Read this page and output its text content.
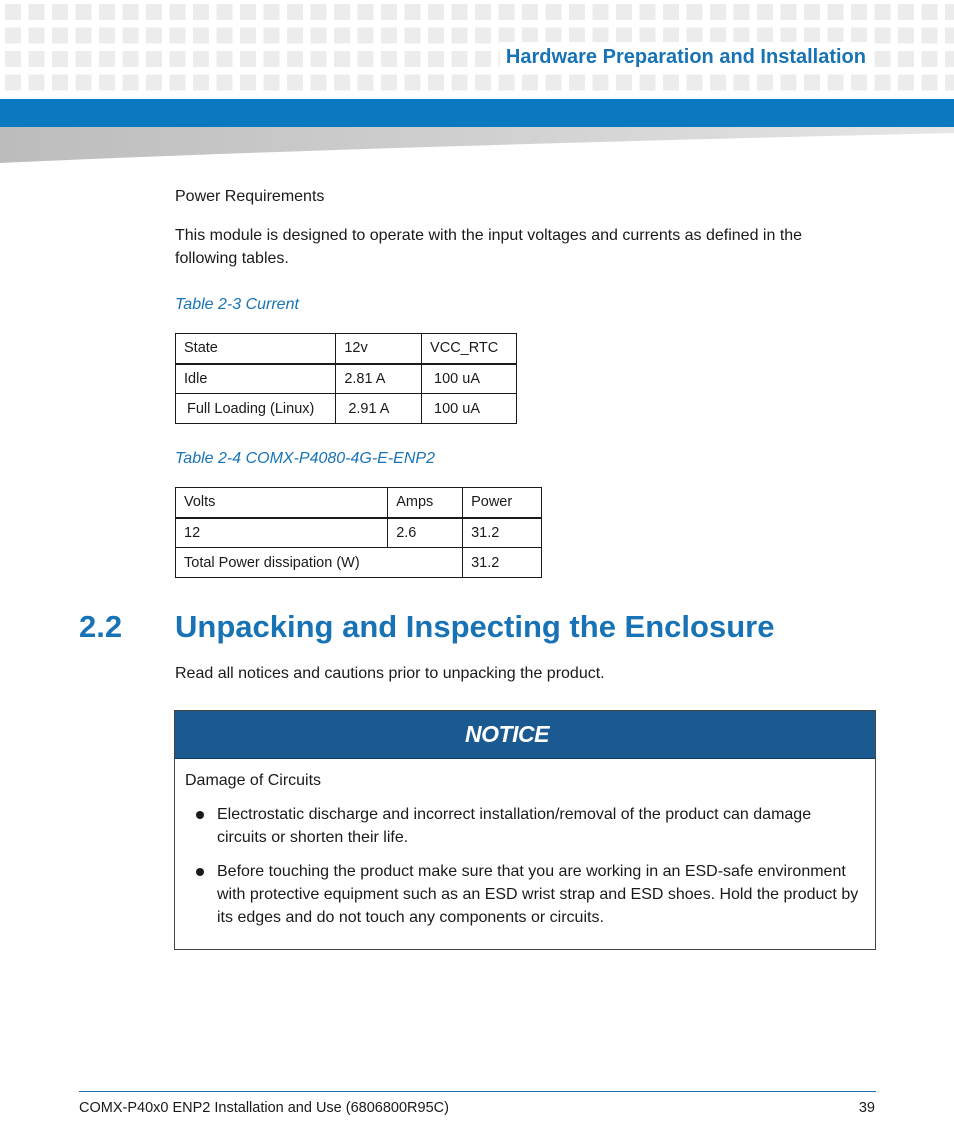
Hardware Preparation and Installation
Power Requirements
This module is designed to operate with the input voltages and currents as defined in the following tables.
Table 2-3 Current
State	12v	VCC_RTC
Idle	2.81 A	100 uA
Full Loading (Linux)	2.91 A	100 uA
Table 2-4 COMX-P4080-4G-E-ENP2
Volts	Amps	Power
12	2.6	31.2
Total Power dissipation (W)		31.2
2.2 Unpacking and Inspecting the Enclosure
Read all notices and cautions prior to unpacking the product.
NOTICE
Damage of Circuits
Electrostatic discharge and incorrect installation/removal of the product can damage circuits or shorten their life.
Before touching the product make sure that you are working in an ESD-safe environment with protective equipment such as an ESD wrist strap and ESD shoes. Hold the product by its edges and do not touch any components or circuits.
COMX-P40x0 ENP2 Installation and Use (6806800R95C)	39
